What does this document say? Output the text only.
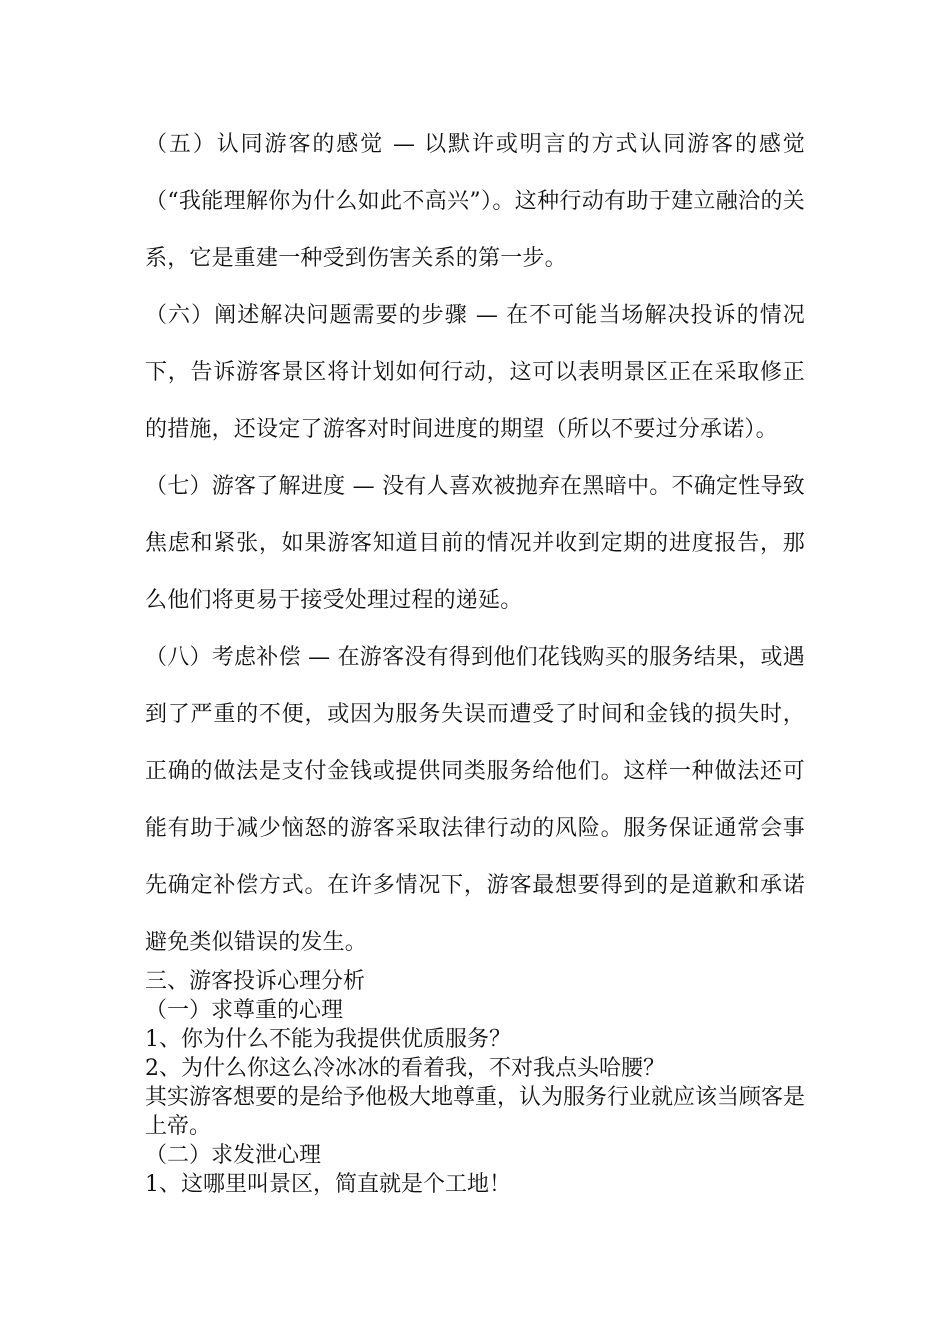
（五）认同游客的感觉 — 以默许或明言的方式认同游客的感觉（“我能理解你为什么如此不高兴”）。这种行动有助于建立融洽的关系，它是重建一种受到伤害关系的第一步。

（六）阐述解决问题需要的步骤 — 在不可能当场解决投诉的情况下，告诉游客景区将计划如何行动，这可以表明景区正在采取修正的措施，还设定了游客对时间进度的期望（所以不要过分承诺）。

（七）游客了解进度 — 没有人喜欢被抛弃在黑暗中。不确定性导致焦虑和紧张，如果游客知道目前的情况并收到定期的进度报告，那么他们将更易于接受处理过程的递延。

（八）考虑补偿 — 在游客没有得到他们花钱购买的服务结果，或遇到了严重的不便，或因为服务失误而遭受了时间和金钱的损失时，正确的做法是支付金钱或提供同类服务给他们。这样一种做法还可能有助于减少恼怒的游客采取法律行动的风险。服务保证通常会事先确定补偿方式。在许多情况下，游客最想要得到的是道歉和承诺避免类似错误的发生。

三、游客投诉心理分析

（一）求尊重的心理

1、你为什么不能为我提供优质服务？

2、为什么你这么冷冰冰的看着我，不对我点头哈腰？

其实游客想要的是给予他极大地尊重，认为服务行业就应该当顾客是上帝。

（二）求发泄心理

1、这哪里叫景区，简直就是个工地！
